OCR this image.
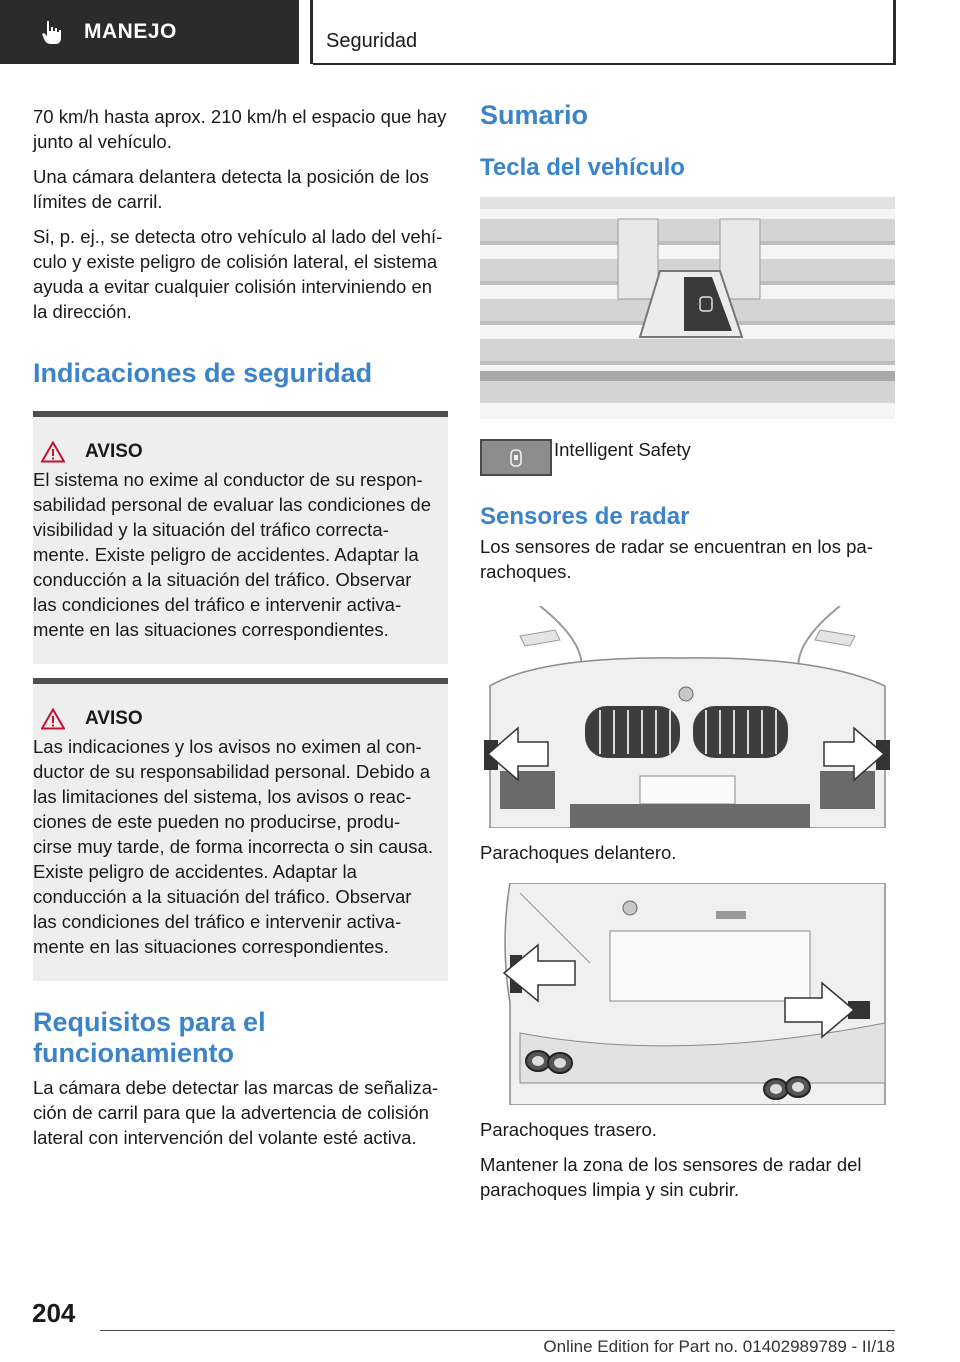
MANEJO	Seguridad

70 km/h hasta aprox. 210 km/h el espacio que hay junto al vehículo.

Una cámara delantera detecta la posición de los límites de carril.

Si, p. ej., se detecta otro vehículo al lado del vehí‐culo y existe peligro de colisión lateral, el sistema ayuda a evitar cualquier colisión interviniendo en la dirección.

Indicaciones de seguridad
AVISO

El sistema no exime al conductor de su respon‐sabilidad personal de evaluar las condiciones de visibilidad y la situación del tráfico correcta‐mente. Existe peligro de accidentes. Adaptar la conducción a la situación del tráfico. Observar las condiciones del tráfico e intervenir activa‐mente en las situaciones correspondientes.

AVISO

Las indicaciones y los avisos no eximen al con‐ductor de su responsabilidad personal. Debido a las limitaciones del sistema, los avisos o reac‐ciones de este pueden no producirse, produ‐cirse muy tarde, de forma incorrecta o sin causa. Existe peligro de accidentes. Adaptar la conducción a la situación del tráfico. Observar las condiciones del tráfico e intervenir activa‐mente en las situaciones correspondientes.

Requisitos para el funcionamiento

La cámara debe detectar las marcas de señaliza‐ción de carril para que la advertencia de colisión lateral con intervención del volante esté activa.

Sumario
Tecla del vehículo
Intelligent Safety
Sensores de radar

Los sensores de radar se encuentran en los pa‐rachoques.

Parachoques delantero.

Parachoques trasero.

Mantener la zona de los sensores de radar del parachoques limpia y sin cubrir.

204
Online Edition for Part no. 01402989789 - II/18
